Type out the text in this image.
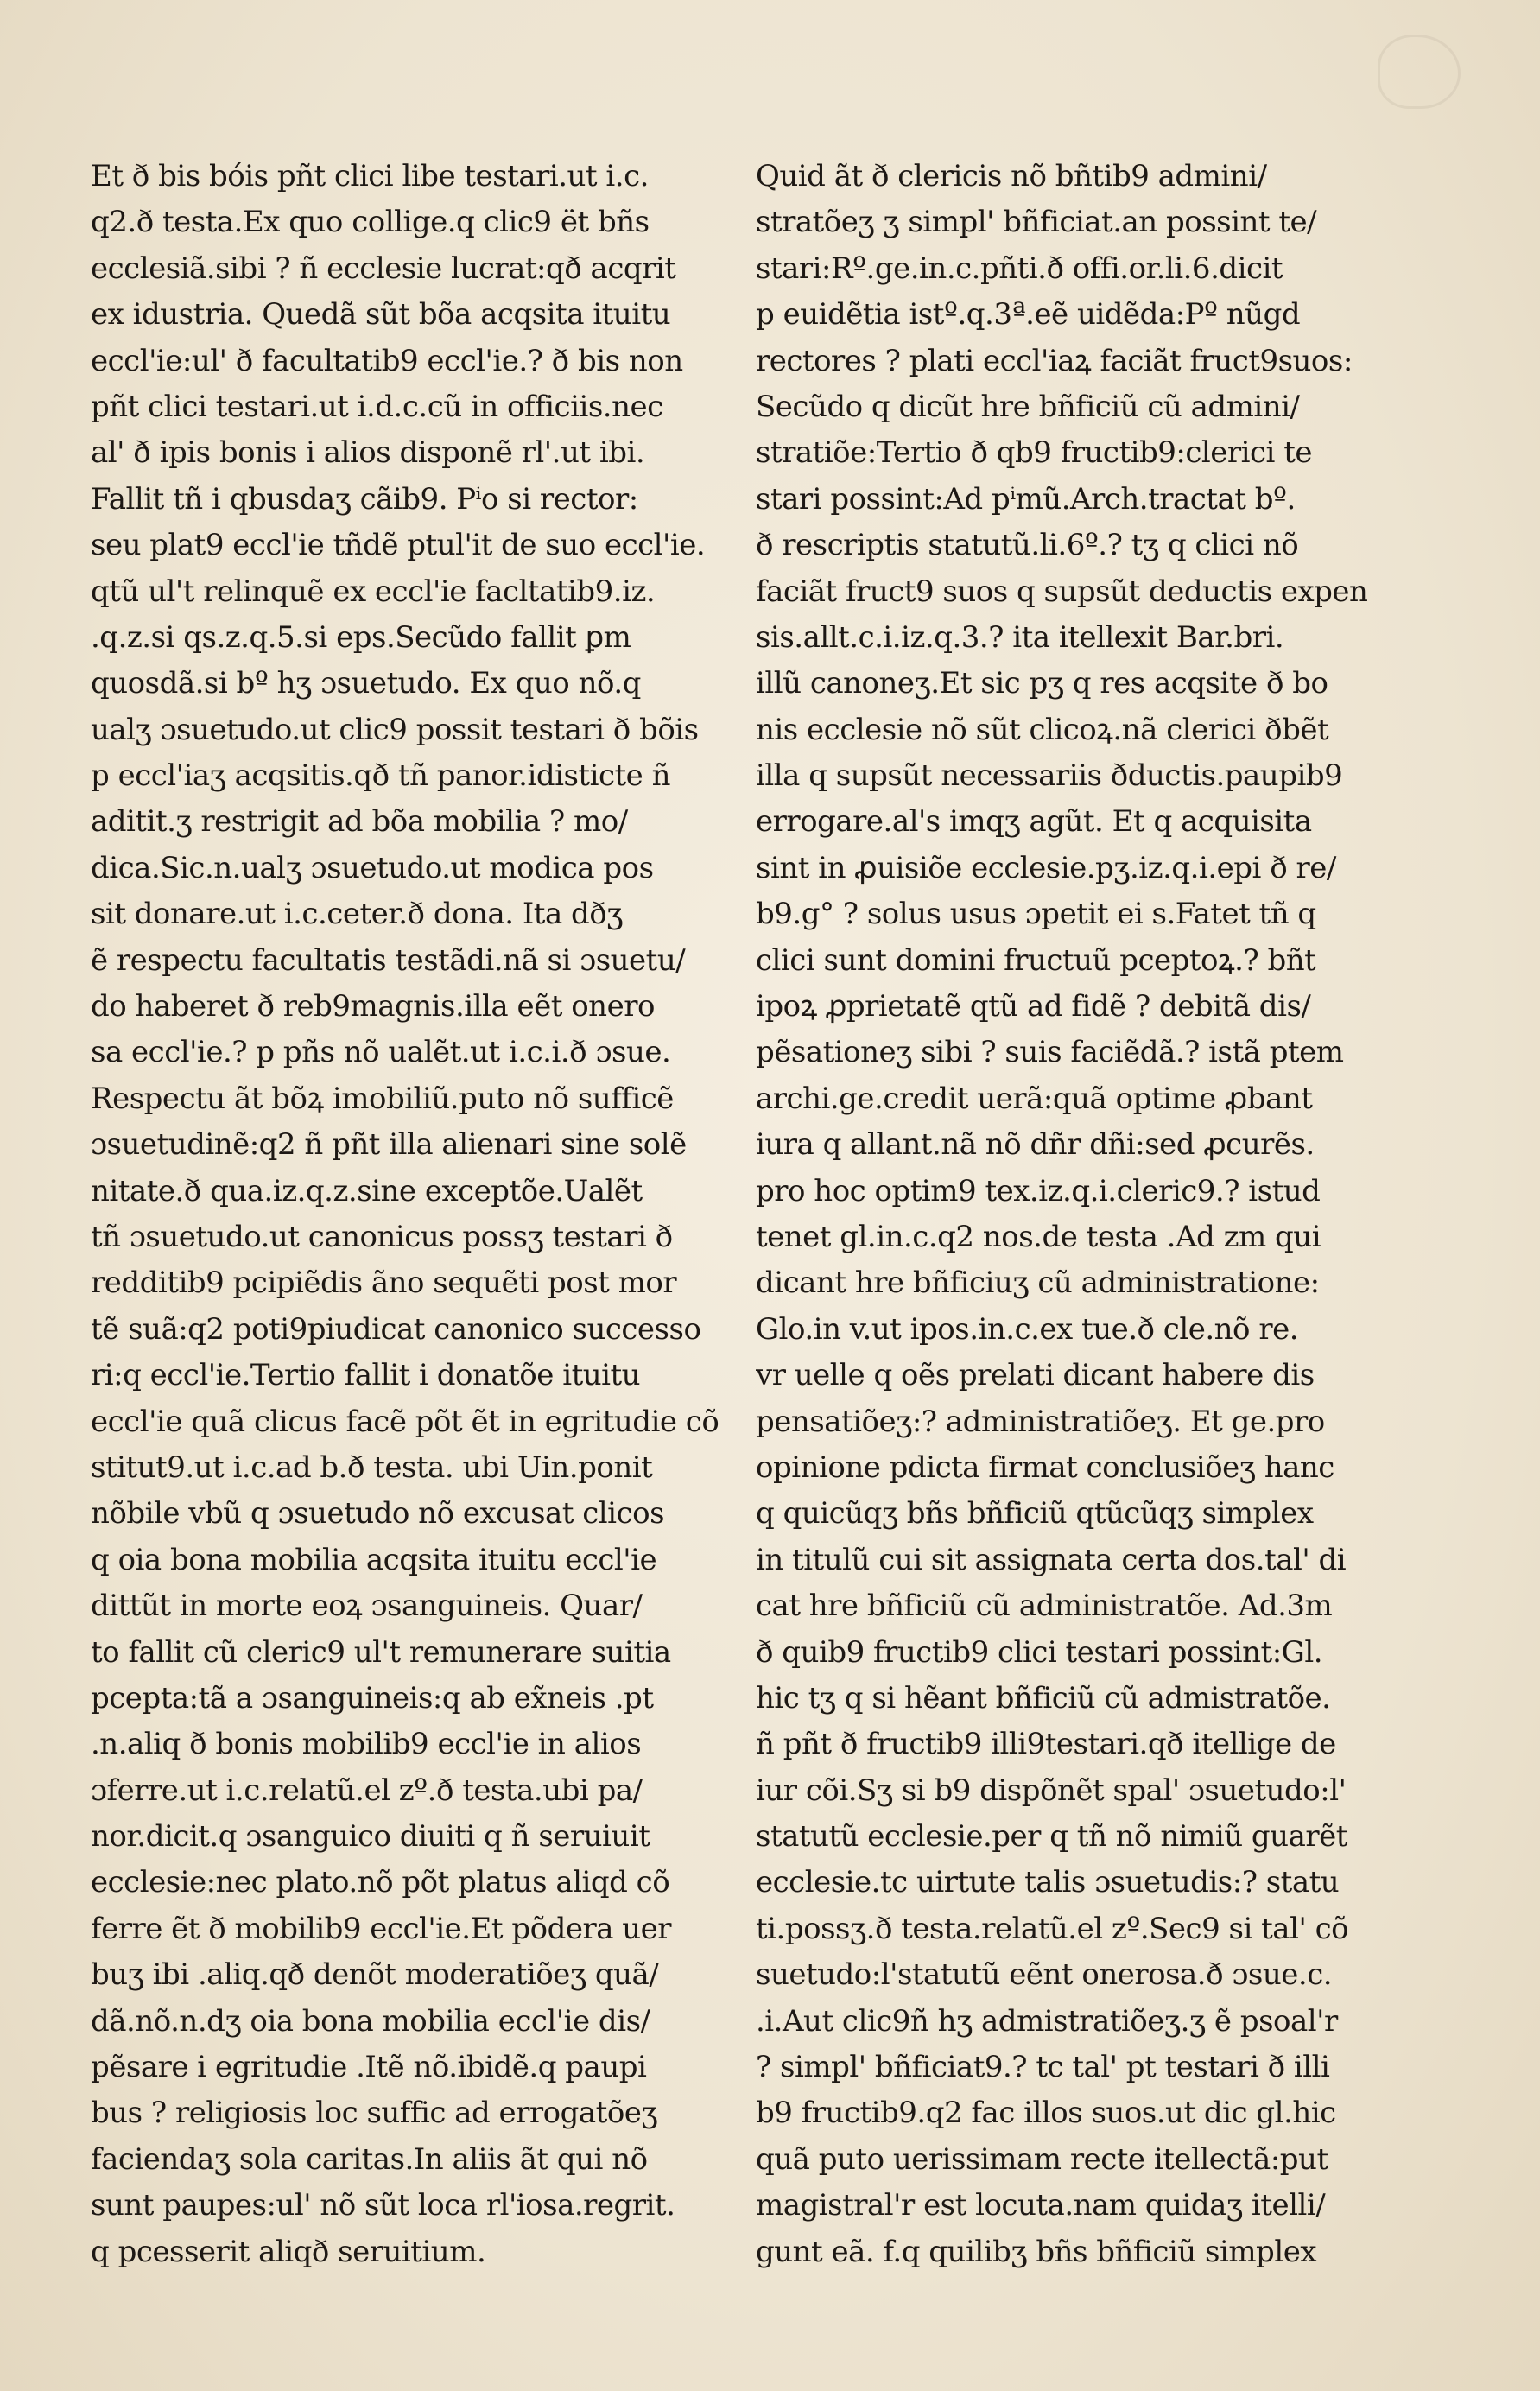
Et ð bis bóis pñt clici libe testari.ut i.c.
q2.ð testa.Ex quo collige.q clic9 ët bñs
ecclesiã.sibi ? ñ ecclesie lucrat:qð acqrit
ex idustria. Quedã sũt bõa acqsita ituitu
eccl'ie:ul' ð facultatib9 eccl'ie.? ð bis non
pñt clici testari.ut i.d.c.cũ in officiis.nec
al' ð ipis bonis i alios disponẽ rl'.ut ibi.
Fallit tñ i qbusdaʒ cãib9. Pⁱo si rector:
seu plat9 eccl'ie tñdẽ ptul'it de suo eccl'ie.
qtũ ul't relinquẽ ex eccl'ie facltatib9.iz.
.q.z.si qs.z.q.5.si eps.Secũdo fallit ꝑm
quosdã.si bº hʒ ɔsuetudo. Ex quo nõ.q
ualʒ ɔsuetudo.ut clic9 possit testari ð bõis
p eccl'iaʒ acqsitis.qð tñ panor.idisticte ñ
aditit.ʒ restrigit ad bõa mobilia ? mo/
dica.Sic.n.ualʒ ɔsuetudo.ut modica pos
sit donare.ut i.c.ceter.ð dona. Ita dðʒ
ẽ respectu facultatis testãdi.nã si ɔsuetu/
do haberet ð reb9magnis.illa eẽt onero
sa eccl'ie.? p pñs nõ ualẽt.ut i.c.i.ð ɔsue.
Respectu ãt bõꝝ imobiliũ.puto nõ sufficẽ
ɔsuetudinẽ:q2 ñ pñt illa alienari sine solẽ
nitate.ð qua.iz.q.z.sine exceptõe.Ualẽt
tñ ɔsuetudo.ut canonicus possʒ testari ð
redditib9 pcipiẽdis ãno sequẽti post mor
tẽ suã:q2 poti9piudicat canonico successo
ri:q eccl'ie.Tertio fallit i donatõe ituitu
eccl'ie quã clicus facẽ põt ẽt in egritudie cõ
stitut9.ut i.c.ad b.ð testa. ubi Uin.ponit
nõbile vbũ q ɔsuetudo nõ excusat clicos
q oia bona mobilia acqsita ituitu eccl'ie
dittũt in morte eoꝝ ɔsanguineis. Quar/
to fallit cũ cleric9 ul't remunerare suitia
pcepta:tã a ɔsanguineis:q ab ex̃neis .pt
.n.aliq ð bonis mobilib9 eccl'ie in alios
ɔferre.ut i.c.relatũ.el zº.ð testa.ubi pa/
nor.dicit.q ɔsanguico diuiti q ñ seruiuit
ecclesie:nec plato.nõ põt platus aliqd cõ
ferre ẽt ð mobilib9 eccl'ie.Et põdera uer
buʒ ibi .aliq.qð denõt moderatiõeʒ quã/
dã.nõ.n.dʒ oia bona mobilia eccl'ie dis/
pẽsare i egritudie .Itẽ nõ.ibidẽ.q paupi
bus ? religiosis loc suffic ad errogatõeʒ
faciendaʒ sola caritas.In aliis ãt qui nõ
sunt paupes:ul' nõ sũt loca rl'iosa.regrit.
q pcesserit aliqð seruitium.
Quid ãt ð clericis nõ bñtib9 admini/
stratõeʒ ʒ simpl' bñficiat.an possint te/
stari:Rº.ge.in.c.pñti.ð offi.or.li.6.dicit
p euidẽtia istº.q.3ª.eẽ uidẽda:Pº nũgd
rectores ? plati eccl'iaꝝ faciãt fruct9suos:
Secũdo q dicũt hre bñficiũ cũ admini/
stratiõe:Tertio ð qb9 fructib9:clerici te
stari possint:Ad pⁱmũ.Arch.tractat bº.
ð rescriptis statutũ.li.6º.? tʒ q clici nõ
faciãt fruct9 suos q supsũt deductis expen
sis.allt.c.i.iz.q.3.? ita itellexit Bar.bri.
illũ canoneʒ.Et sic pʒ q res acqsite ð bo
nis ecclesie nõ sũt clicoꝝ.nã clerici ðbẽt
illa q supsũt necessariis ðductis.paupib9
errogare.al's imqʒ agũt. Et q acquisita
sint in ꝓuisiõe ecclesie.pʒ.iz.q.i.epi ð re/
b9.g° ? solus usus ɔpetit ei s.Fatet tñ q
clici sunt domini fructuũ pceptoꝝ.? bñt
ipoꝝ ꝓprietatẽ qtũ ad fidẽ ? debitã dis/
pẽsationeʒ sibi ? suis faciẽdã.? istã ptem
archi.ge.credit uerã:quã optime ꝓbant
iura q allant.nã nõ dñr dñi:sed ꝓcurẽs.
pro hoc optim9 tex.iz.q.i.cleric9.? istud
tenet gl.in.c.q2 nos.de testa .Ad zm qui
dicant hre bñficiuʒ cũ administratione:
Glo.in v.ut ipos.in.c.ex tue.ð cle.nõ re.
vr uelle q oẽs prelati dicant habere dis
pensatiõeʒ:? administratiõeʒ. Et ge.pro
opinione pdicta firmat conclusiõeʒ hanc
q quicũqʒ bñs bñficiũ qtũcũqʒ simplex
in titulũ cui sit assignata certa dos.tal' di
cat hre bñficiũ cũ administratõe. Ad.3m
ð quib9 fructib9 clici testari possint:Gl.
hic tʒ q si hẽant bñficiũ cũ admistratõe.
ñ pñt ð fructib9 illi9testari.qð itellige de
iur cõi.Sʒ si b9 dispõnẽt spal' ɔsuetudo:l'
statutũ ecclesie.per q tñ nõ nimiũ guarẽt
ecclesie.tc uirtute talis ɔsuetudis:? statu
ti.possʒ.ð testa.relatũ.el zº.Sec9 si tal' cõ
suetudo:l'statutũ eẽnt onerosa.ð ɔsue.c.
.i.Aut clic9ñ hʒ admistratiõeʒ.ʒ ẽ psoal'r
? simpl' bñficiat9.? tc tal' pt testari ð illi
b9 fructib9.q2 fac illos suos.ut dic gl.hic
quã puto uerissimam recte itellectã:put
magistral'r est locuta.nam quidaʒ itelli/
gunt eã. f.q quilibʒ bñs bñficiũ simplex
